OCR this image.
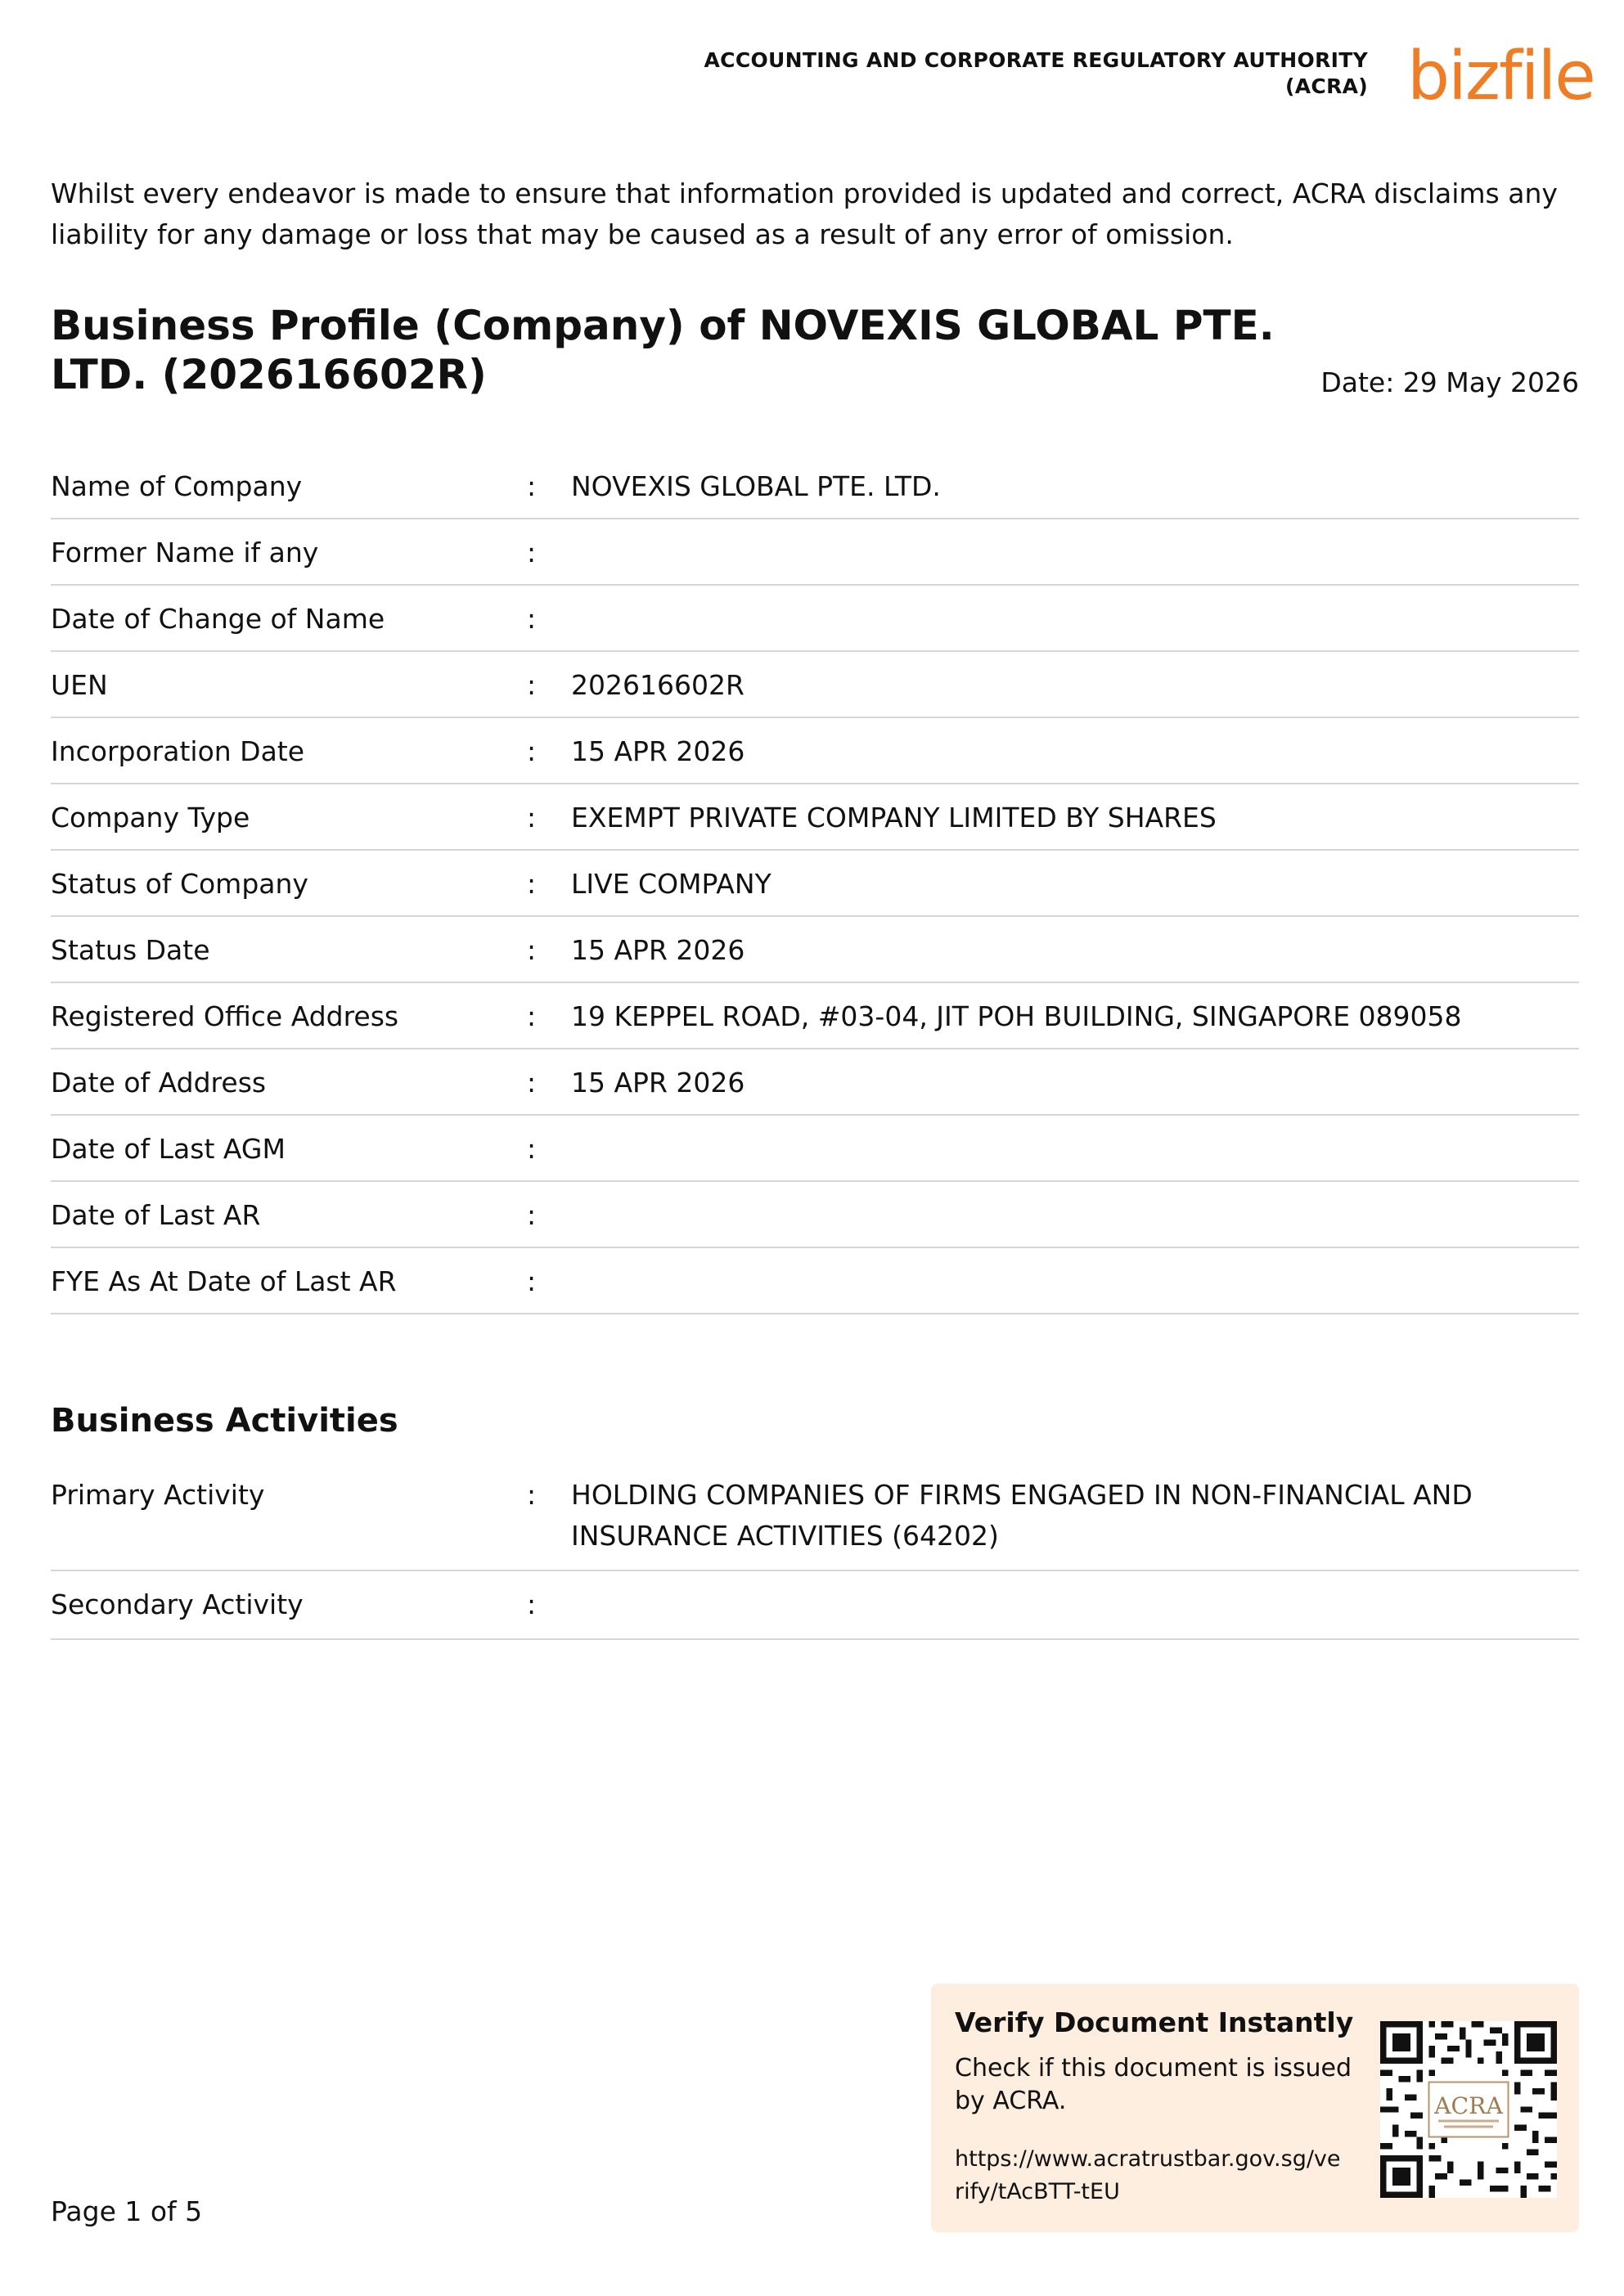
ACCOUNTING AND CORPORATE REGULATORY AUTHORITY
(ACRA) bizfile
Whilst every endeavor is made to ensure that information provided is updated and correct, ACRA disclaims any liability for any damage or loss that may be caused as a result of any error of omission.
Business Profile (Company) of NOVEXIS GLOBAL PTE. LTD. (202616602R)	Date: 29 May 2026
Name of Company	: NOVEXIS GLOBAL PTE. LTD.
Former Name if any	:
Date of Change of Name	:
UEN	: 202616602R
Incorporation Date	: 15 APR 2026
Company Type	: EXEMPT PRIVATE COMPANY LIMITED BY SHARES
Status of Company	: LIVE COMPANY
Status Date	: 15 APR 2026
Registered Office Address	: 19 KEPPEL ROAD, #03-04, JIT POH BUILDING, SINGAPORE 089058
Date of Address	: 15 APR 2026
Date of Last AGM	:
Date of Last AR	:
FYE As At Date of Last AR	:
Business Activities
Primary Activity	: HOLDING COMPANIES OF FIRMS ENGAGED IN NON-FINANCIAL AND INSURANCE ACTIVITIES (64202)
Secondary Activity	:
Verify Document Instantly
Check if this document is issued by ACRA.
https://www.acratrustbar.gov.sg/verify/tAcBTT-tEU
ACRA
Page 1 of 5
